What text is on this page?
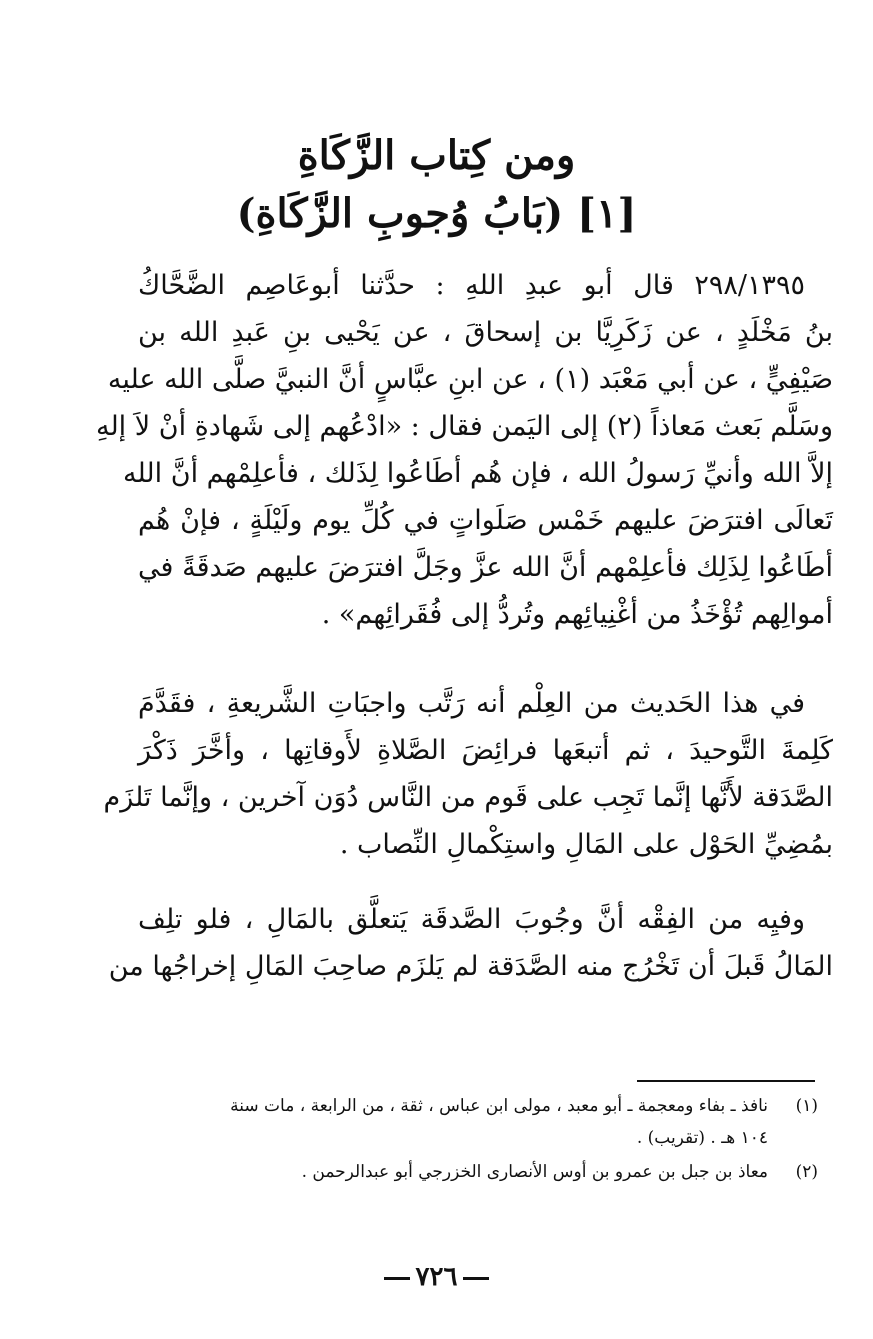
ومن كِتاب الزَّكَاةِ
[١] (بَابُ وُجوبِ الزَّكَاةِ)

٢٩٨/١٣٩٥ قال أبو عبدِ اللهِ : حدَّثنا أبوعَاصِم الضَّحَّاكُ
بنُ مَخْلَدٍ ، عن زَكَرِيَّا بن إسحاقَ ، عن يَحْيى بنِ عَبدِ الله بن
صَيْفِيٍّ ، عن أبي مَعْبَد (١) ، عن ابنِ عبَّاسٍ أنَّ النبيَّ صلَّى الله عليه
وسَلَّم بَعث مَعاذاً (٢) إلى اليَمن فقال : «ادْعُهم إلى شَهادةِ أنْ لاَ إلهِ
إلاَّ الله وأنيِّ رَسولُ الله ، فإن هُم أطَاعُوا لِذَلك ، فأعلِمْهم أنَّ الله
تَعالَى افترَضَ عليهم خَمْس صَلَواتٍ في كُلِّ يوم ولَيْلَةٍ ، فإنْ هُم
أطَاعُوا لِذَلِك فأعلِمْهم أنَّ الله عزَّ وجَلَّ افترَضَ عليهم صَدقَةً في
أموالِهم تُؤْخَذُ من أغْنِيائِهم وتُردُّ إلى فُقَرائِهم» .

في هذا الحَديث من العِلْم أنه رَتَّب واجبَاتِ الشَّريعةِ ، فقَدَّمَ
كَلِمةَ التَّوحيدَ ، ثم أتبعَها فرائِضَ الصَّلاةِ لأَوقاتِها ، وأخَّرَ ذَكْرَ
الصَّدَقة لأَنَّها إنَّما تَجِب على قَوم من النَّاس دُوَن آخرين ، وإنَّما تَلزَم
بمُضِيِّ الحَوْل على المَالِ واستِكْمالِ النِّصاب .

وفيِه من الفِقْه أنَّ وجُوبَ الصَّدقَة يَتعلَّق بالمَالِ ، فلو تلِف
المَالُ قَبلَ أن تَخْرُج منه الصَّدَقة لم يَلزَم صاحِبَ المَالِ إخراجُها من

(١)
نافذ ـ بفاء ومعجمة ـ أبو معبد ، مولى ابن عباس ، ثقة ، من الرابعة ، مات سنة
١٠٤ هـ . (تقريب) .
(٢)
معاذ بن جبل بن عمرو بن أوس الأنصارى الخزرجي أبو عبدالرحمن .
٧٢٦
